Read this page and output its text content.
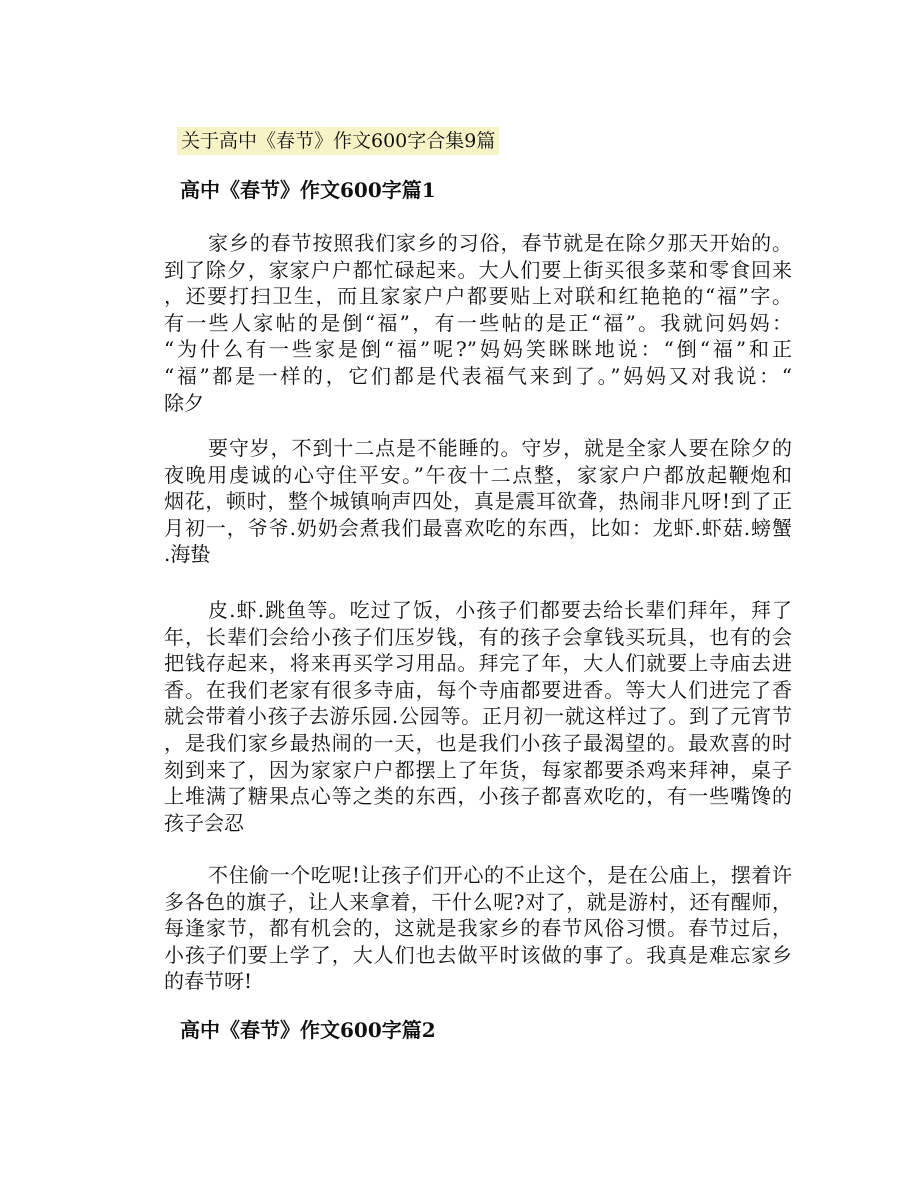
关于高中《春节》作文600字合集9篇
高中《春节》作文600字篇1
家乡的春节按照我们家乡的习俗，春节就是在除夕那天开始的。
到了除夕，家家户户都忙碌起来。大人们要上街买很多菜和零食回来
，还要打扫卫生，而且家家户户都要贴上对联和红艳艳的“福”字。
有一些人家帖的是倒“福”，有一些帖的是正“福”。我就问妈妈：
“为什么有一些家是倒“福”呢?”妈妈笑眯眯地说：“倒“福”和正
“福”都是一样的，它们都是代表福气来到了。”妈妈又对我说：“
除夕
要守岁，不到十二点是不能睡的。守岁，就是全家人要在除夕的
夜晚用虔诚的心守住平安。”午夜十二点整，家家户户都放起鞭炮和
烟花，顿时，整个城镇响声四处，真是震耳欲聋，热闹非凡呀!到了正
月初一，爷爷.奶奶会煮我们最喜欢吃的东西，比如：龙虾.虾菇.螃蟹
.海蛰
皮.虾.跳鱼等。吃过了饭，小孩子们都要去给长辈们拜年，拜了
年，长辈们会给小孩子们压岁钱，有的孩子会拿钱买玩具，也有的会
把钱存起来，将来再买学习用品。拜完了年，大人们就要上寺庙去进
香。在我们老家有很多寺庙，每个寺庙都要进香。等大人们进完了香
就会带着小孩子去游乐园.公园等。正月初一就这样过了。到了元宵节
，是我们家乡最热闹的一天，也是我们小孩子最渴望的。最欢喜的时
刻到来了，因为家家户户都摆上了年货，每家都要杀鸡来拜神，桌子
上堆满了糖果点心等之类的东西，小孩子都喜欢吃的，有一些嘴馋的
孩子会忍
不住偷一个吃呢!让孩子们开心的不止这个，是在公庙上，摆着许
多各色的旗子，让人来拿着，干什么呢?对了，就是游村，还有醒师，
每逢家节，都有机会的，这就是我家乡的春节风俗习惯。春节过后，
小孩子们要上学了，大人们也去做平时该做的事了。我真是难忘家乡
的春节呀!
高中《春节》作文600字篇2
